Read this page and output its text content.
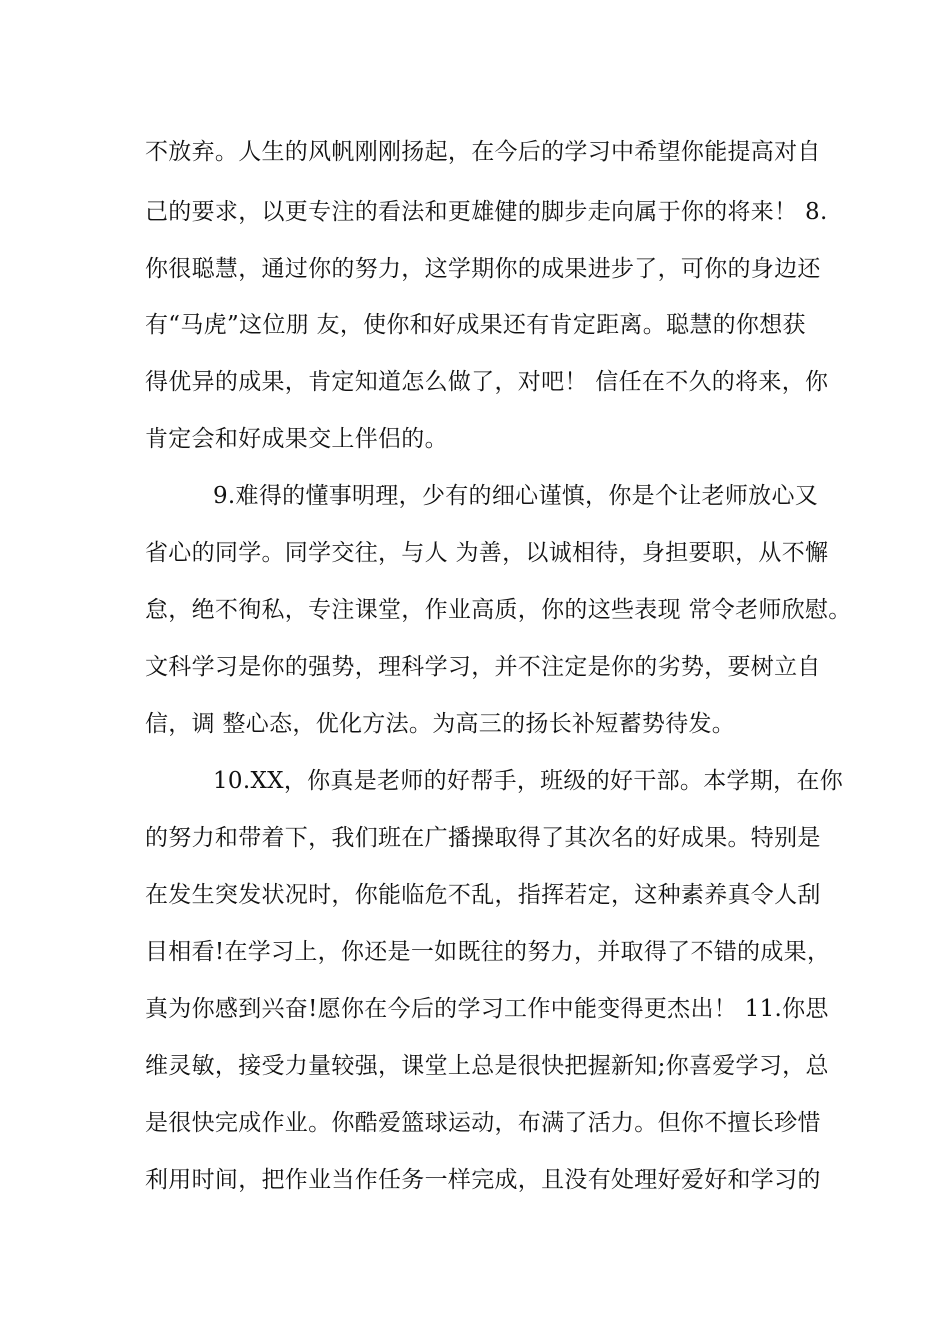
不放弃。人生的风帆刚刚扬起，在今后的学习中希望你能提高对自
己的要求，以更专注的看法和更雄健的脚步走向属于你的将来！ 8.
你很聪慧，通过你的努力，这学期你的成果进步了，可你的身边还
有“马虎”这位朋 友，使你和好成果还有肯定距离。聪慧的你想获
得优异的成果，肯定知道怎么做了，对吧！ 信任在不久的将来，你
肯定会和好成果交上伴侣的。
9.难得的懂事明理，少有的细心谨慎，你是个让老师放心又
省心的同学。同学交往，与人 为善，以诚相待，身担要职，从不懈
怠，绝不徇私，专注课堂，作业高质，你的这些表现 常令老师欣慰。
文科学习是你的强势，理科学习，并不注定是你的劣势，要树立自
信，调 整心态，优化方法。为高三的扬长补短蓄势待发。
10.XX，你真是老师的好帮手，班级的好干部。本学期，在你
的努力和带着下，我们班在广播操取得了其次名的好成果。特别是
在发生突发状况时，你能临危不乱，指挥若定，这种素养真令人刮
目相看!在学习上，你还是一如既往的努力，并取得了不错的成果，
真为你感到兴奋!愿你在今后的学习工作中能变得更杰出！ 11.你思
维灵敏，接受力量较强，课堂上总是很快把握新知;你喜爱学习，总
是很快完成作业。你酷爱篮球运动，布满了活力。但你不擅长珍惜
利用时间，把作业当作任务一样完成，且没有处理好爱好和学习的
